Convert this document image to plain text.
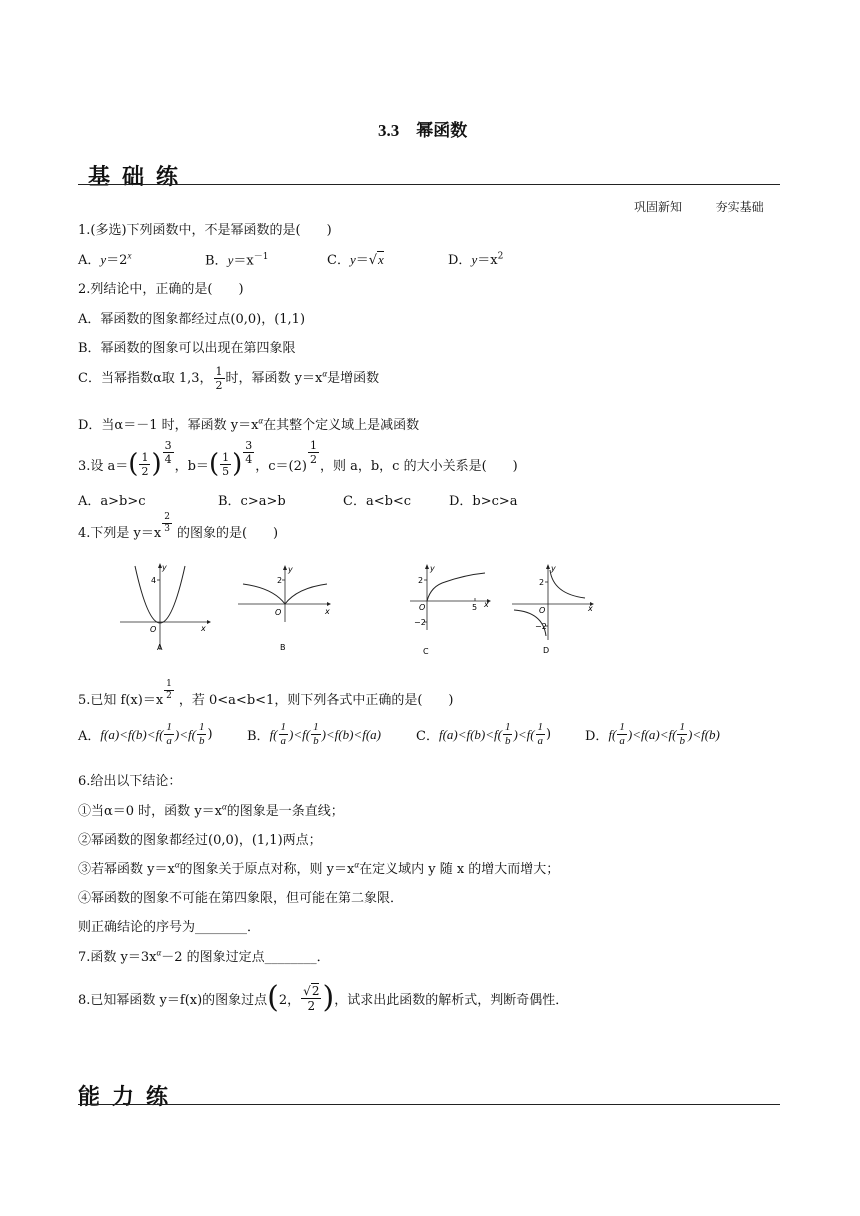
3.3　幂函数
基础练
巩固新知	夯实基础
1.(多选)下列函数中，不是幂函数的是(　　)
A．$y=2^x$	B．$y=x^{-1}$	C．y＝√x	D．$y=x^2$
2.列结论中，正确的是(　　)
A．幂函数的图象都经过点(0,0)，(1,1)
B．幂函数的图象可以出现在第四象限
C．当幂指数α取 1,3， $\frac{1}{2}$ 时，幂函数 $y=x^\alpha$是增函数
D．当α＝－1 时，幂函数 $y=x^\alpha$在其整个定义域上是减函数
3.设 a＝ ( $\frac{1}{2}$ ) $\frac{3}{4}$
，b＝ ( $\frac{1}{5}$ ) $\frac{3}{4}$
，c＝(2)
$\frac{1}{2}$
，则 a，b，c 的大小关系是(　　)
A．a>b>c	B．c>a>b	C．a<b<c	D．b>c>a
4.下列是 $y=x \frac{2}{3}$ 的图象的是(　　)
4
y
x
O
A
2
y
x
O
B
2
−2
5
y
x
O
C
2
−2
y
x
O
D
5.已知 $f(x)=x \frac{1}{2}$ ，若 0<a<b<1，则下列各式中正确的是(　　)
A． $f(a)<f(b)<f( \frac{1}{a} )<f( \frac{1}{b}$ )	B． $f( \frac{1}{a} )<f( \frac{1}{b} )<f(b)<f(a)$	C． $f(a)<f(b)<f( \frac{1}{b} )<f( \frac{1}{a}$ )	D． $f( \frac{1}{a} )<f(a)<f( \frac{1}{b} )<f(b)$
6.给出以下结论：
①当α＝0 时，函数 $y=x^\alpha$的图象是一条直线；
②幂函数的图象都经过(0,0)，(1,1)两点；
③若幂函数 $y=x^\alpha$的图象关于原点对称，则 $y=x^\alpha$在定义域内 y 随 x 的增大而增大；
④幂函数的图象不可能在第四象限，但可能在第二象限．
则正确结论的序号为________．
7.函数 $y=3x^\alpha-2$ 的图象过定点________．
8.已知幂函数 y＝f(x)的图象过点 ( 2， $\frac{√2}{2}$ ) ，试求出此函数的解析式，判断奇偶性．
能力练
